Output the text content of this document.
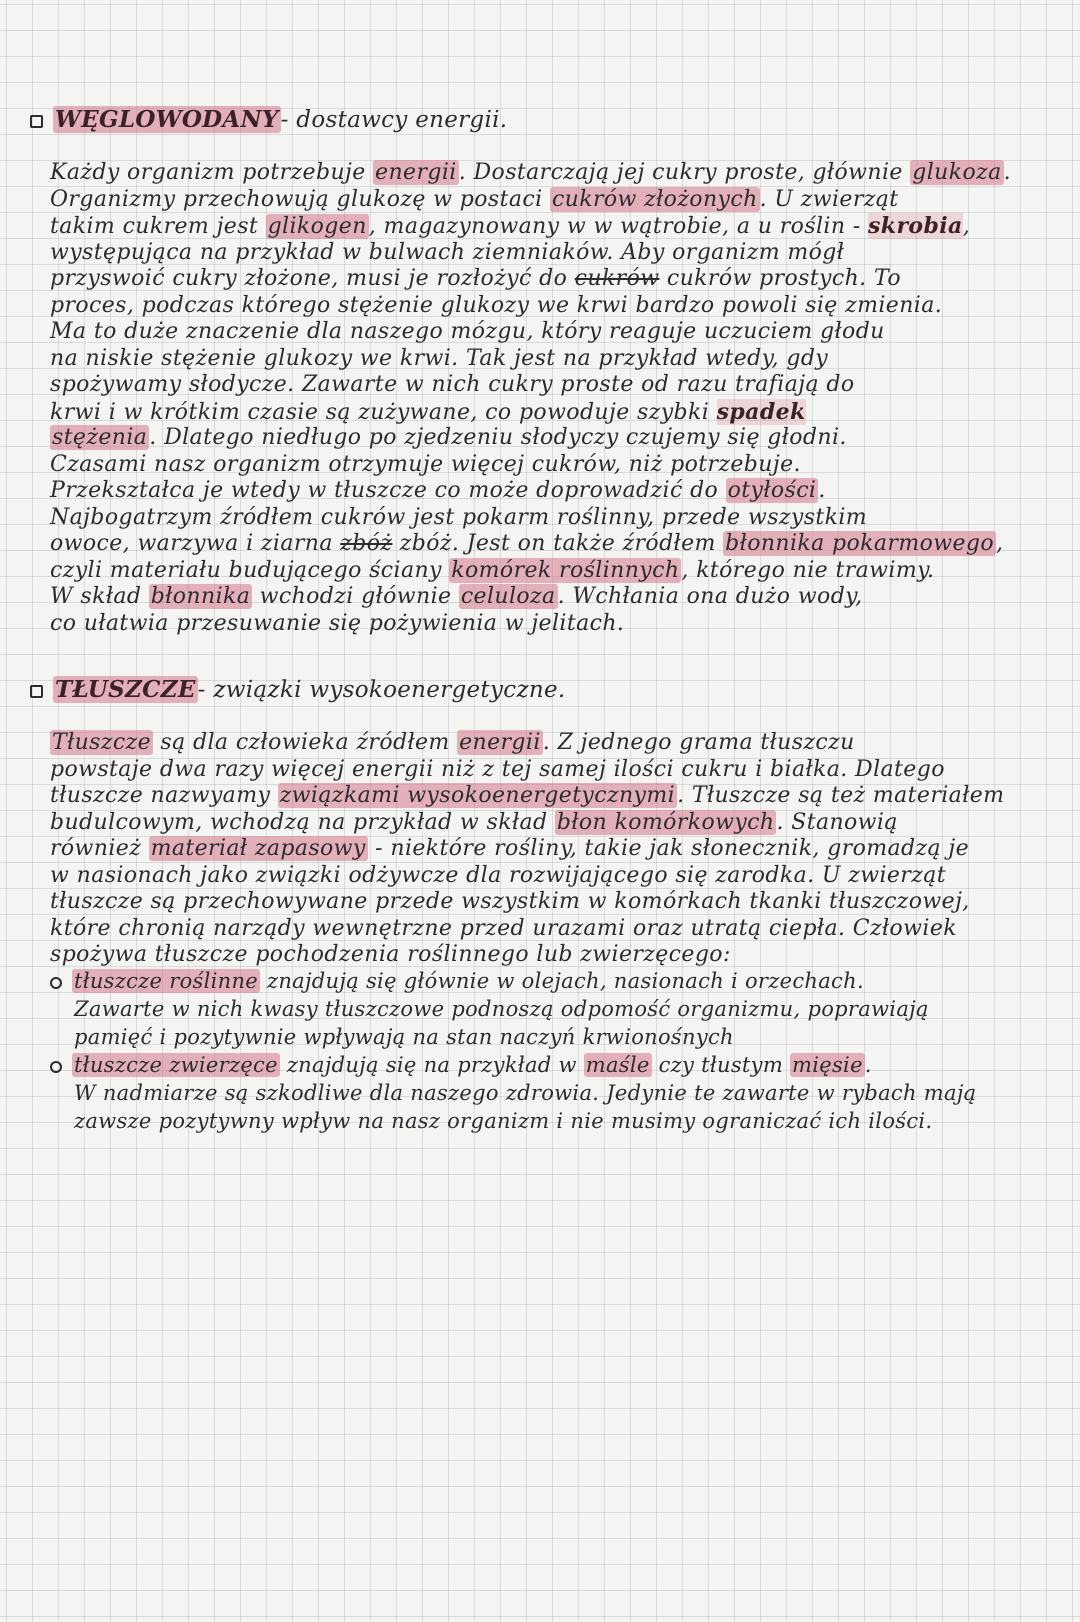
WĘGLOWODANY- dostawcy energii.
Każdy organizm potrzebuje energii. Dostarczają jej cukry proste, głównie glukoza.
Organizmy przechowują glukozę w postaci cukrów złożonych. U zwierząt
takim cukrem jest glikogen, magazynowany w w wątrobie, a u roślin - skrobia,
występująca na przykład w bulwach ziemniaków. Aby organizm mógł
przyswoić cukry złożone, musi je rozłożyć do cukrów cukrów prostych. To
proces, podczas którego stężenie glukozy we krwi bardzo powoli się zmienia.
Ma to duże znaczenie dla naszego mózgu, który reaguje uczuciem głodu
na niskie stężenie glukozy we krwi. Tak jest na przykład wtedy, gdy
spożywamy słodycze. Zawarte w nich cukry proste od razu trafiają do
krwi i w krótkim czasie są zużywane, co powoduje szybki spadek
stężenia. Dlatego niedługo po zjedzeniu słodyczy czujemy się głodni.
Czasami nasz organizm otrzymuje więcej cukrów, niż potrzebuje.
Przekształca je wtedy w tłuszcze co może doprowadzić do otyłości.
Najbogatrzym źródłem cukrów jest pokarm roślinny, przede wszystkim
owoce, warzywa i ziarna zbóż zbóż. Jest on także źródłem błonnika pokarmowego,
czyli materiału budującego ściany komórek roślinnych, którego nie trawimy.
W skład błonnika wchodzi głównie celuloza. Wchłania ona dużo wody,
co ułatwia przesuwanie się pożywienia w jelitach.
TŁUSZCZE- związki wysokoenergetyczne.
Tłuszcze są dla człowieka źródłem energii. Z jednego grama tłuszczu
powstaje dwa razy więcej energii niż z tej samej ilości cukru i białka. Dlatego
tłuszcze nazwyamy związkami wysokoenergetycznymi. Tłuszcze są też materiałem
budulcowym, wchodzą na przykład w skład błon komórkowych. Stanowią
również materiał zapasowy - niektóre rośliny, takie jak słonecznik, gromadzą je
w nasionach jako związki odżywcze dla rozwijającego się zarodka. U zwierząt
tłuszcze są przechowywane przede wszystkim w komórkach tkanki tłuszczowej,
które chronią narządy wewnętrzne przed urazami oraz utratą ciepła. Człowiek
spożywa tłuszcze pochodzenia roślinnego lub zwierzęcego:
tłuszcze roślinne znajdują się głównie w olejach, nasionach i orzechach.
Zawarte w nich kwasy tłuszczowe podnoszą odpomość organizmu, poprawiają
pamięć i pozytywnie wpływają na stan naczyń krwionośnych
tłuszcze zwierzęce znajdują się na przykład w maśle czy tłustym mięsie.
W nadmiarze są szkodliwe dla naszego zdrowia. Jedynie te zawarte w rybach mają
zawsze pozytywny wpływ na nasz organizm i nie musimy ograniczać ich ilości.
